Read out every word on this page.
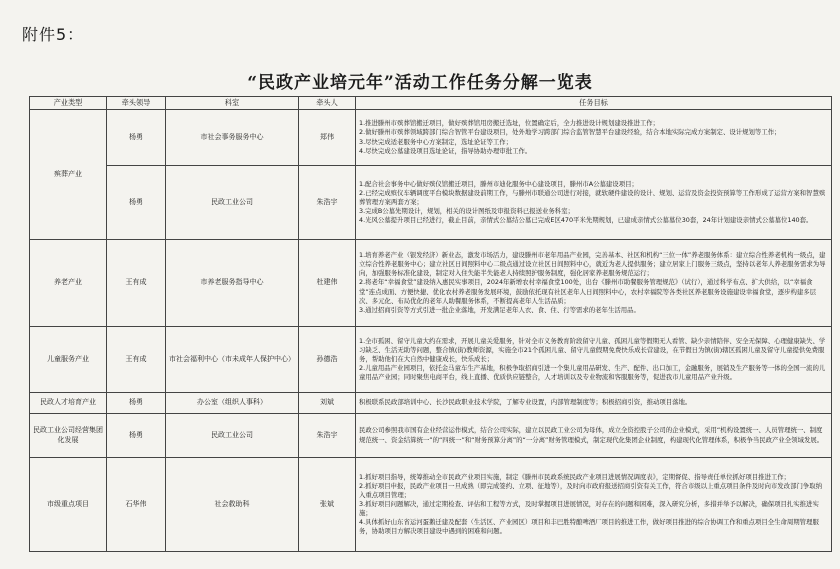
附件5：
“民政产业培元年”活动工作任务分解一览表
产业类型	牵头领导	科室	牵头人	任务目标
殡葬产业	杨勇	市社会事务服务中心	郑伟	1.推进滕州市殡葬馆搬迁项目，做好殡葬馆用房搬迁选址，位置确定后，全力推进设计规划建设推进工作；
2.做好滕州市殡葬领域跨部门综合智管平台建设项目，处外地学习跨部门综合监管智慧平台建设经验，结合本地实际完成方案制定、设计规划等工作；
3.尽快完成适老服务中心方案制定，选址论证等工作；
4.尽快完成公墓建设项目选址论证，指导协助办理审批工作。

	杨勇	民政工业公司	朱浩宇	1.配合社会事务中心做好殡仪馆搬迁项目，滕州市迪化服务中心建设项目，滕州市A公墓建设项目；
2.已经完成殡仪车辆调度平台模块数据建设前期工作，与滕州市联通公司进行对接，就软硬件建设的设计、规划、运营及资金投资预算等工作形成了运营方案和智慧殡葬管理方案两套方案；
3.完成B公墓先期设计，规划，相关的设计图纸及审报资料已报送业务科室；
4.光风公墓提升项目已经进行，截止目前，亲情式公墓结公墓已完成E区470平米先期规划，已建成亲情式公墓墓位30套，24年计划建设亲情式公墓墓位140套。

养老产业	王有成	市养老服务指导中心	杜建伟	1.培育养老产业（银发经济）新业态，激发市场活力，建设滕州市老年用品产业园，完善基本、社区和机构“三位一体”养老服务体系：建立综合性养老机构一级点，建立综合性养老服务中心；建立社区日间照料中心二级点通过设立社区日间照料中心，就近为老人提供服务；建立居家上门服务三级点，坚持以老年人养老服务需求为导向，加强服务标准化建设，制定对入住失能半失能老人持续照护服务制度，强化居家养老服务规范运行；
2.将老年“幸福食堂”建设纳入惠民实事项目，2024年新增农村幸福食堂100处，出台《滕州市助餐服务管理规范》（试行），通过科学布点、扩大供给，以“幸福食堂”连点成面、方便快捷、优化农村养老服务发展环境，鼓励依托现有社区老年人日间照料中心，农村幸福院等各类社区养老服务设施建设幸福食堂，逐步构建多层次、多元化、布局优化的老年人助餐服务体系，不断提高老年人生活品质；
3.通过招商引资等方式引进一批企业落地，开发满足老年人衣、食、住、行等需求的老年生活用品。

儿童服务产业	王有成	市社会福利中心（市未成年人保护中心）	孙德浩	1.全市孤困、留守儿童大约在需求，开展儿童关爱服务，针对全市义务教育阶段留守儿童、孤困儿童等假期无人看管、缺少亲情陪伴、安全无保障、心理健康缺失、学习缺乏、生活无助等问题，整合镇(街)教师资源，实施全市21个孤困儿童、留守儿童假期免费快乐成长营建设，在节假日为镇(街)辖区孤困儿童及留守儿童提供免费服务，帮助他们在大自然中健康成长，快乐成长；
2.儿童用品产业园项目，依托金马童车生产基地，积极争取招商引进一个集儿童用品研发、生产、配件、出口加工，金融服务，展销及生产服务等一体的全国一流的儿童用品产业园；同时聚焦电商平台，线上直播、优质供应链整合，人才培训以及专业物流和客服服务等，促进我市儿童用品产业升级。

民政人才培育产业	杨勇	办公室（组织人事科）	刘斌	积极联系民政部培训中心、长沙民政职业技术学院，了解专业设置，内部管理制度等；积极招商引资，推动项目落地。

民政工业公司经营集团化发展	杨勇	民政工业公司	朱浩宇	民政公司参照我市国有企业经营运作模式，结合公司实际，建立以民政工业公司为母体，成立全资控股子公司的企业模式，采用“机构设置统一、人员管理统一、制度规范统一、资金结算统一”的“四统一”和“财务预算分离”的“一分离”财务管理模式，制定现代化集团企业制度，构建现代化管理体系，积极争当民政产业全领域发展。

市级重点项目	石华伟	社会救助科	张斌	1.抓好项目指导，统筹推动全市民政产业项目实施，制定《滕州市民政系统民政产业项目进展情况调度表》，定期督促、指导责任单位抓好项目推进工作；
2.抓好项目申报，民政产业项目一旦成熟（即完成签约、立项、征地等），及时向市政府报送招商引资有关工作，符合市级以上重点项目条件及时向市发改部门争取纳入重点项目管理；
3.抓好项目问题解决，通过定期检查、评估和工程等方式，及时掌握项目进展情况，对存在的问题和困难，深入研究分析，多措并举予以解决，确保项目扎实推进实施；
4.具体抓好山东省运河蛋鹅迁建及配套（生活区、产业园区）项目和丰巴胜特酿啤酒厂项目的推进工作，做好项目推进的综合协调工作和重点项目全生命周期管理服务，协助项目方解决项目建设中遇到的困难和问题。
